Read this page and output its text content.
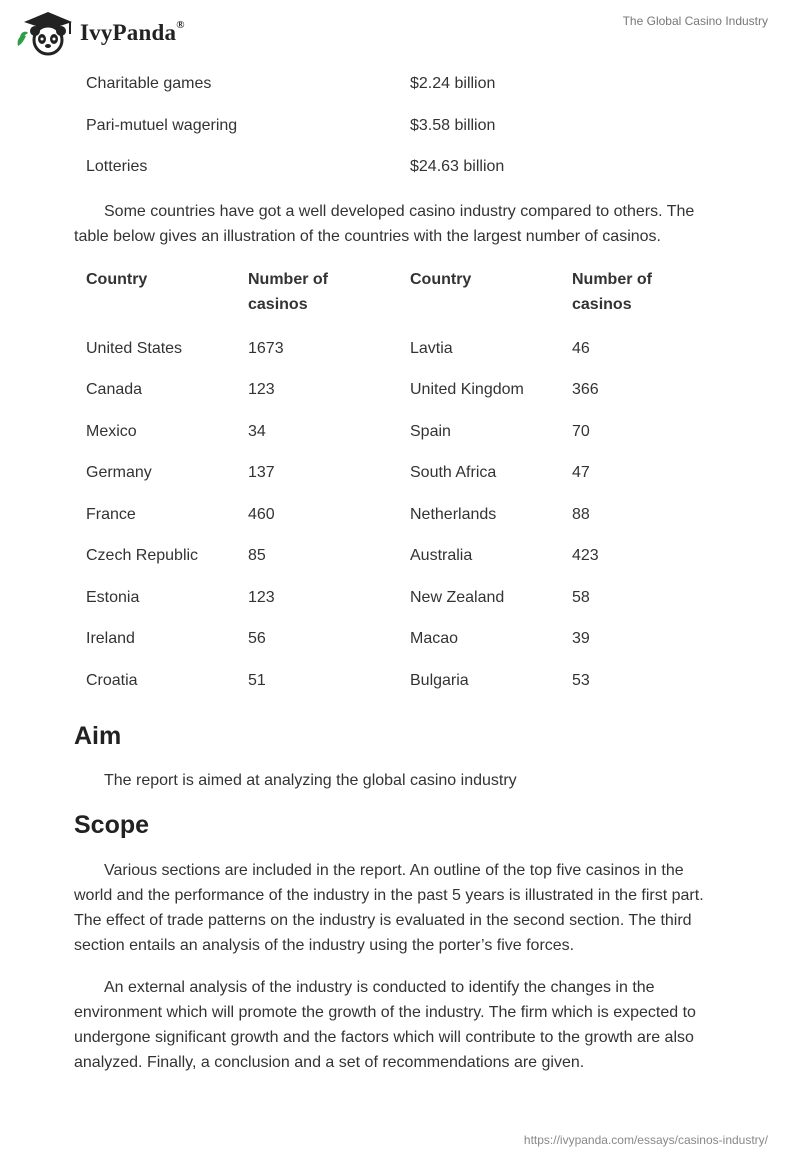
IvyPanda®	The Global Casino Industry
Charitable games	$2.24 billion
Pari-mutuel wagering	$3.58 billion
Lotteries	$24.63 billion

Some countries have got a well developed casino industry compared to others. The table below gives an illustration of the countries with the largest number of casinos.

Country	Number of casinos	Country	Number of casinos
United States	1673	Lavtia	46
Canada	123	United Kingdom	366
Mexico	34	Spain	70
Germany	137	South Africa	47
France	460	Netherlands	88
Czech Republic	85	Australia	423
Estonia	123	New Zealand	58
Ireland	56	Macao	39
Croatia	51	Bulgaria	53
Aim

The report is aimed at analyzing the global casino industry

Scope

Various sections are included in the report. An outline of the top five casinos in the world and the performance of the industry in the past 5 years is illustrated in the first part. The effect of trade patterns on the industry is evaluated in the second section. The third section entails an analysis of the industry using the porter’s five forces.

An external analysis of the industry is conducted to identify the changes in the environment which will promote the growth of the industry. The firm which is expected to undergone significant growth and the factors which will contribute to the growth are also analyzed. Finally, a conclusion and a set of recommendations are given.

https://ivypanda.com/essays/casinos-industry/
